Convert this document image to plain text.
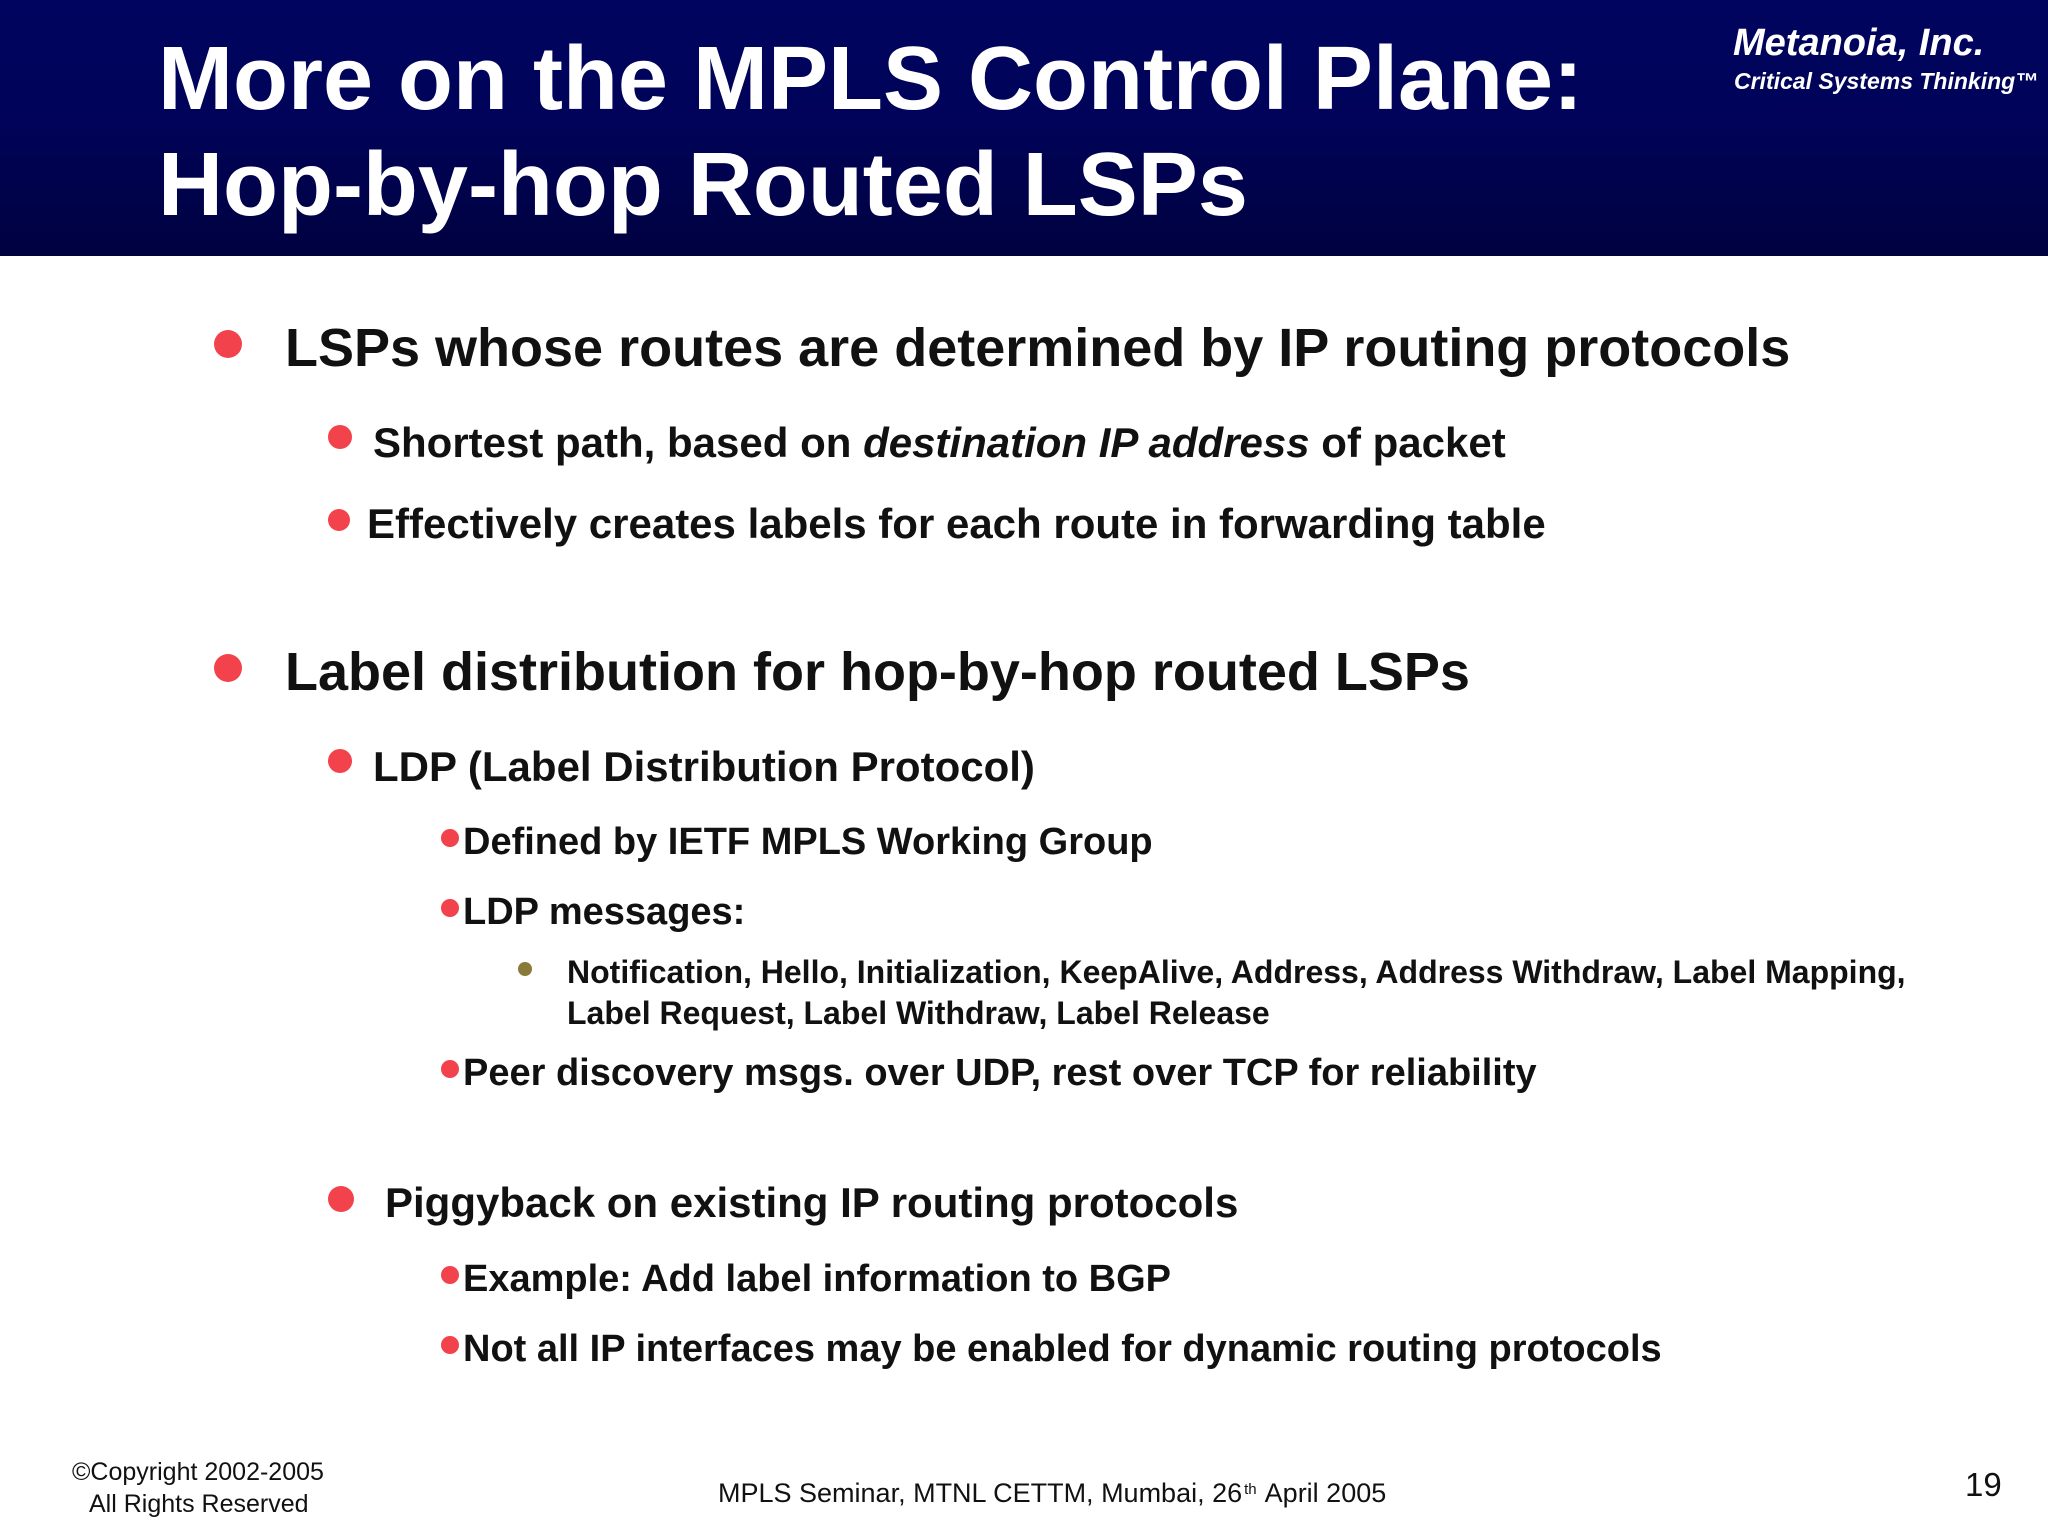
More on the MPLS Control Plane:
Hop-by-hop Routed LSPs
Metanoia, Inc.
Critical Systems Thinking™
LSPs whose routes are determined by IP routing protocols
Shortest path, based on destination IP address of packet
Effectively creates labels for each route in forwarding table
Label distribution for hop-by-hop routed LSPs
LDP (Label Distribution Protocol)
Defined by IETF MPLS Working Group
LDP messages:
Notification, Hello, Initialization, KeepAlive, Address, Address Withdraw, Label Mapping, Label Request, Label Withdraw, Label Release
Peer discovery msgs. over UDP, rest over TCP for reliability
Piggyback on existing IP routing protocols
Example: Add label information to BGP
Not all IP interfaces may be enabled for dynamic routing protocols
©Copyright 2002-2005
All Rights Reserved	MPLS Seminar, MTNL CETTM, Mumbai, 26 $^{th}$ April 2005	19
